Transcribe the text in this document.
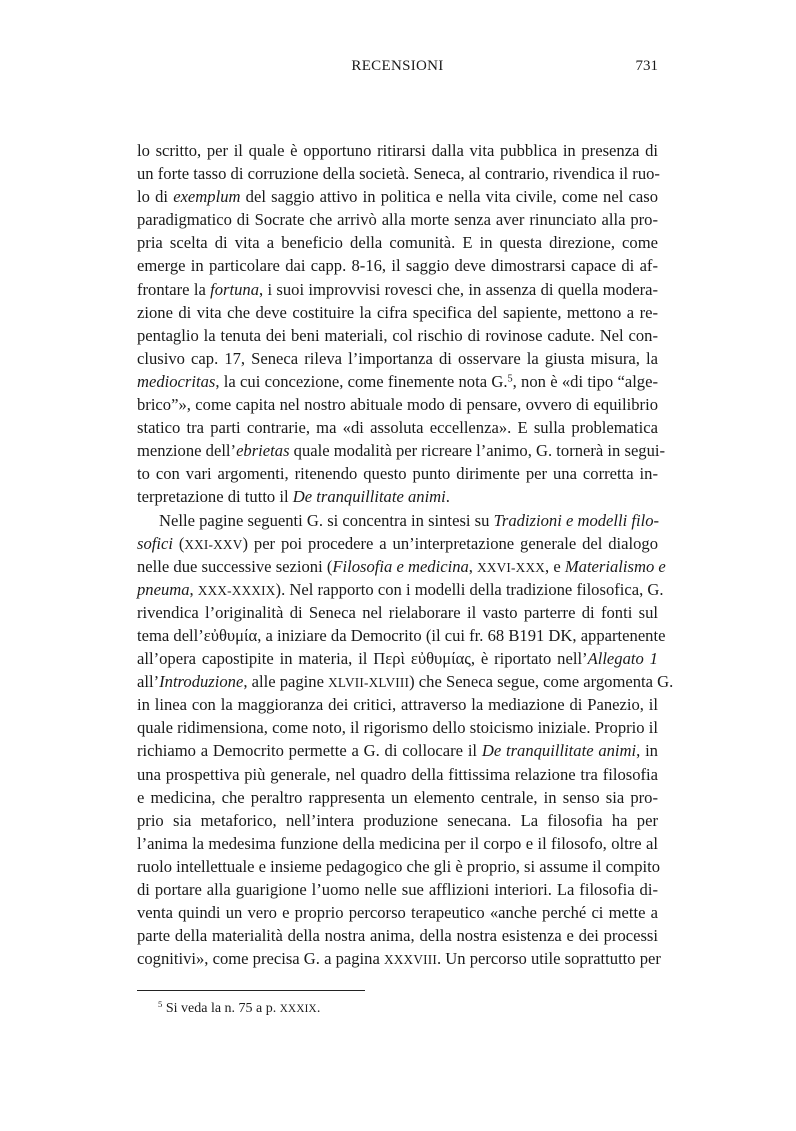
RECENSIONI	731
lo scritto, per il quale è opportuno ritirarsi dalla vita pubblica in presenza di
un forte tasso di corruzione della società. Seneca, al contrario, rivendica il ruo-
lo di exemplum del saggio attivo in politica e nella vita civile, come nel caso
paradigmatico di Socrate che arrivò alla morte senza aver rinunciato alla pro-
pria scelta di vita a beneficio della comunità. E in questa direzione, come
emerge in particolare dai capp. 8-16, il saggio deve dimostrarsi capace di af-
frontare la fortuna, i suoi improvvisi rovesci che, in assenza di quella modera-
zione di vita che deve costituire la cifra specifica del sapiente, mettono a re-
pentaglio la tenuta dei beni materiali, col rischio di rovinose cadute. Nel con-
clusivo cap. 17, Seneca rileva l’importanza di osservare la giusta misura, la
mediocritas, la cui concezione, come finemente nota G.$^5$, non è «di tipo “alge-
brico”», come capita nel nostro abituale modo di pensare, ovvero di equilibrio
statico tra parti contrarie, ma «di assoluta eccellenza». E sulla problematica
menzione dell’ebrietas quale modalità per ricreare l’animo, G. tornerà in segui-
to con vari argomenti, ritenendo questo punto dirimente per una corretta in-
terpretazione di tutto il De tranquillitate animi.
Nelle pagine seguenti G. si concentra in sintesi su Tradizioni e modelli filo-
sofici (XXI-XXV) per poi procedere a un’interpretazione generale del dialogo
nelle due successive sezioni (Filosofia e medicina, XXVI-XXX, e Materialismo e
pneuma, XXX-XXXIX). Nel rapporto con i modelli della tradizione filosofica, G.
rivendica l’originalità di Seneca nel rielaborare il vasto parterre di fonti sul
tema dell’εὐθυμία, a iniziare da Democrito (il cui fr. 68 B191 DK, appartenente
all’opera capostipite in materia, il Περὶ εὐθυμίας, è riportato nell’Allegato 1
all’Introduzione, alle pagine XLVII-XLVIII) che Seneca segue, come argomenta G.
in linea con la maggioranza dei critici, attraverso la mediazione di Panezio, il
quale ridimensiona, come noto, il rigorismo dello stoicismo iniziale. Proprio il
richiamo a Democrito permette a G. di collocare il De tranquillitate animi, in
una prospettiva più generale, nel quadro della fittissima relazione tra filosofia
e medicina, che peraltro rappresenta un elemento centrale, in senso sia pro-
prio sia metaforico, nell’intera produzione senecana. La filosofia ha per
l’anima la medesima funzione della medicina per il corpo e il filosofo, oltre al
ruolo intellettuale e insieme pedagogico che gli è proprio, si assume il compito
di portare alla guarigione l’uomo nelle sue afflizioni interiori. La filosofia di-
venta quindi un vero e proprio percorso terapeutico «anche perché ci mette a
parte della materialità della nostra anima, della nostra esistenza e dei processi
cognitivi», come precisa G. a pagina XXXVIII. Un percorso utile soprattutto per
$^5$ Si veda la n. 75 a p. XXXIX.
